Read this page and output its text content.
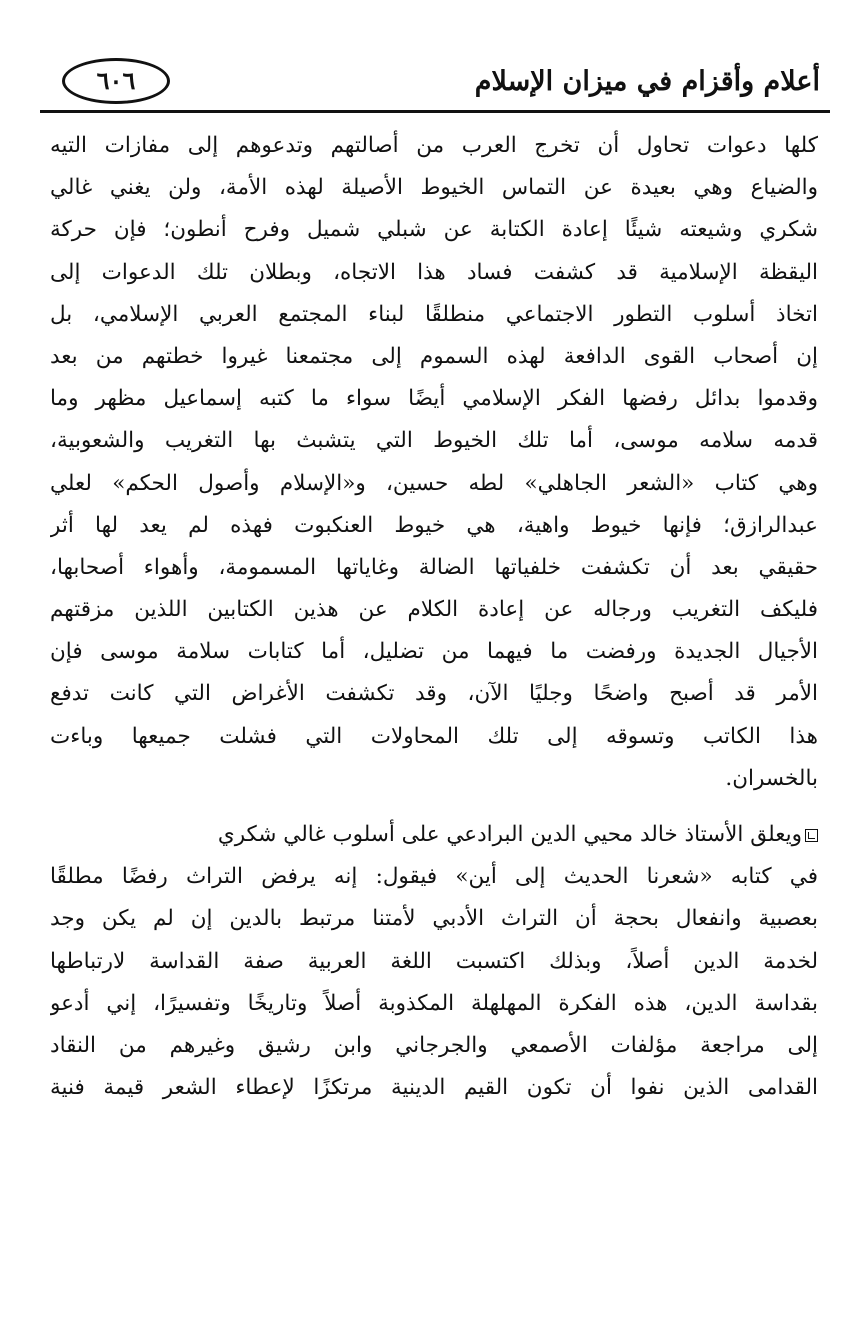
أعلام وأقزام في ميزان الإسلام
٦٠٦
كلها دعوات تحاول أن تخرج العرب من أصالتهم وتدعوهم إلى مفازات التيه
والضياع وهي بعيدة عن التماس الخيوط الأصيلة لهذه الأمة، ولن يغني غالي
شكري وشيعته شيئًا إعادة الكتابة عن شبلي شميل وفرح أنطون؛ فإن حركة
اليقظة الإسلامية قد كشفت فساد هذا الاتجاه، وبطلان تلك الدعوات إلى
اتخاذ أسلوب التطور الاجتماعي منطلقًا لبناء المجتمع العربي الإسلامي، بل
إن أصحاب القوى الدافعة لهذه السموم إلى مجتمعنا غيروا خطتهم من بعد
وقدموا بدائل رفضها الفكر الإسلامي أيضًا سواء ما كتبه إسماعيل مظهر وما
قدمه سلامه موسى، أما تلك الخيوط التي يتشبث بها التغريب والشعوبية،
وهي كتاب «الشعر الجاهلي» لطه حسين، و«الإسلام وأصول الحكم» لعلي
عبدالرازق؛ فإنها خيوط واهية، هي خيوط العنكبوت فهذه لم يعد لها أثر
حقيقي بعد أن تكشفت خلفياتها الضالة وغاياتها المسمومة، وأهواء أصحابها،
فليكف التغريب ورجاله عن إعادة الكلام عن هذين الكتابين اللذين مزقتهم
الأجيال الجديدة ورفضت ما فيهما من تضليل، أما كتابات سلامة موسى فإن
الأمر قد أصبح واضحًا وجليًا الآن، وقد تكشفت الأغراض التي كانت تدفع
هذا الكاتب وتسوقه إلى تلك المحاولات التي فشلت جميعها وباءت
بالخسران.
ويعلق الأستاذ خالد محيي الدين البرادعي على أسلوب غالي شكري
في كتابه «شعرنا الحديث إلى أين» فيقول: إنه يرفض التراث رفضًا مطلقًا
بعصبية وانفعال بحجة أن التراث الأدبي لأمتنا مرتبط بالدين إن لم يكن وجد
لخدمة الدين أصلاً، وبذلك اكتسبت اللغة العربية صفة القداسة لارتباطها
بقداسة الدين، هذه الفكرة المهلهلة المكذوبة أصلاً وتاريخًا وتفسيرًا، إني أدعو
إلى مراجعة مؤلفات الأصمعي والجرجاني وابن رشيق وغيرهم من النقاد
القدامى الذين نفوا أن تكون القيم الدينية مرتكزًا لإعطاء الشعر قيمة فنية
